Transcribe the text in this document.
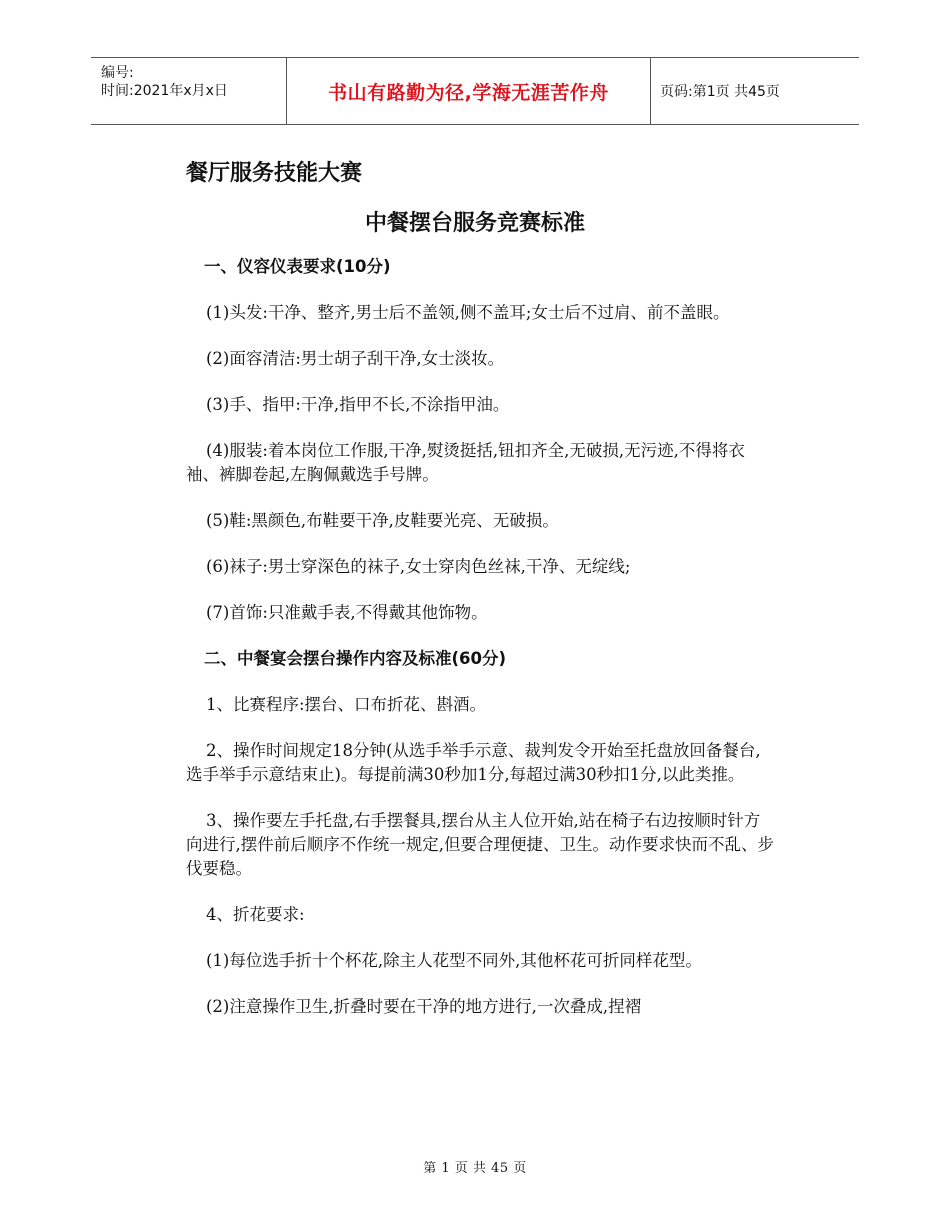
编号:
时间:2021年x月x日	书山有路勤为径,学海无涯苦作舟	页码:第1页 共45页
餐厅服务技能大赛
中餐摆台服务竞赛标准
一、仪容仪表要求(10分)
(1)头发:干净、整齐,男士后不盖领,侧不盖耳;女士后不过肩、前不盖眼。
(2)面容清洁:男士胡子刮干净,女士淡妆。
(3)手、指甲:干净,指甲不长,不涂指甲油。
(4)服装:着本岗位工作服,干净,熨烫挺括,钮扣齐全,无破损,无污迹,不得将衣袖、裤脚卷起,左胸佩戴选手号牌。
(5)鞋:黑颜色,布鞋要干净,皮鞋要光亮、无破损。
(6)袜子:男士穿深色的袜子,女士穿肉色丝袜,干净、无绽线;
(7)首饰:只准戴手表,不得戴其他饰物。
二、中餐宴会摆台操作内容及标准(60分)
1、比赛程序:摆台、口布折花、斟酒。
2、操作时间规定18分钟(从选手举手示意、裁判发令开始至托盘放回备餐台,选手举手示意结束止)。每提前满30秒加1分,每超过满30秒扣1分,以此类推。
3、操作要左手托盘,右手摆餐具,摆台从主人位开始,站在椅子右边按顺时针方向进行,摆件前后顺序不作统一规定,但要合理便捷、卫生。动作要求快而不乱、步伐要稳。
4、折花要求:
(1)每位选手折十个杯花,除主人花型不同外,其他杯花可折同样花型。
(2)注意操作卫生,折叠时要在干净的地方进行,一次叠成,捏褶
第 1 页 共 45 页
